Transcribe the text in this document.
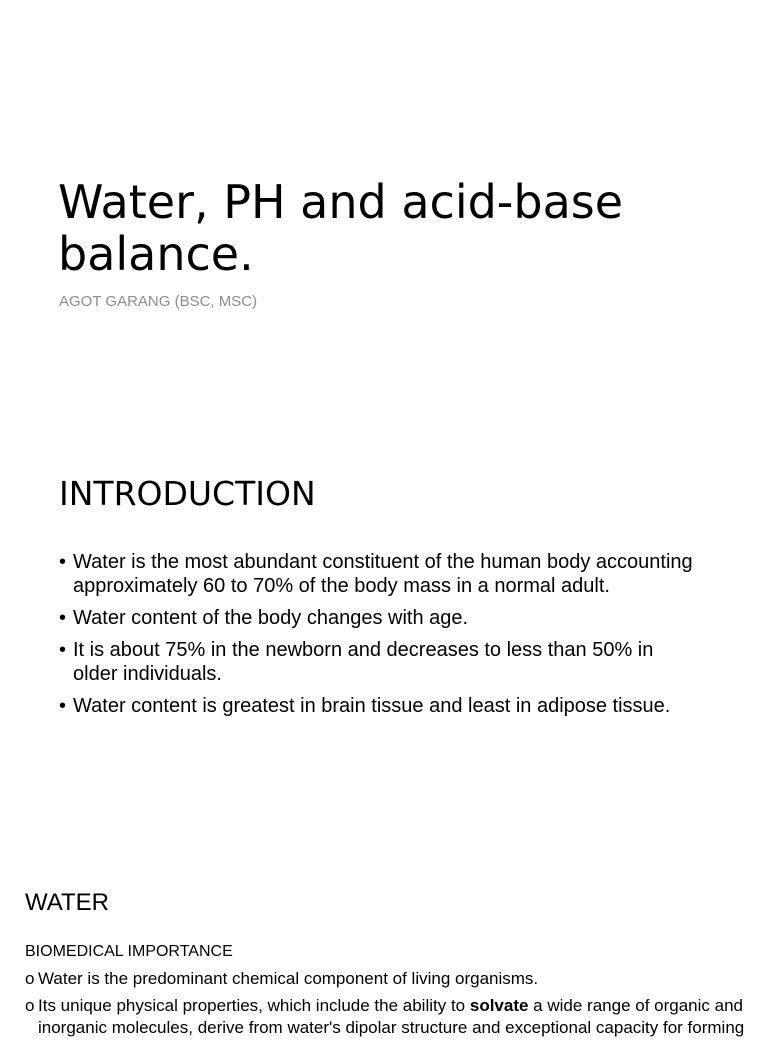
Water, PH and acid-base balance.

AGOT GARANG (BSC, MSC)

INTRODUCTION
• Water is the most abundant constituent of the human body accounting approximately 60 to 70% of the body mass in a normal adult.
• Water content of the body changes with age.
• It is about 75% in the newborn and decreases to less than 50% in older individuals.
• Water content is greatest in brain tissue and least in adipose tissue.
WATER

BIOMEDICAL IMPORTANCE

o Water is the predominant chemical component of living organisms.
o Its unique physical properties, which include the ability to solvate a wide range of organic and inorganic molecules, derive from water's dipolar structure and exceptional capacity for forming
